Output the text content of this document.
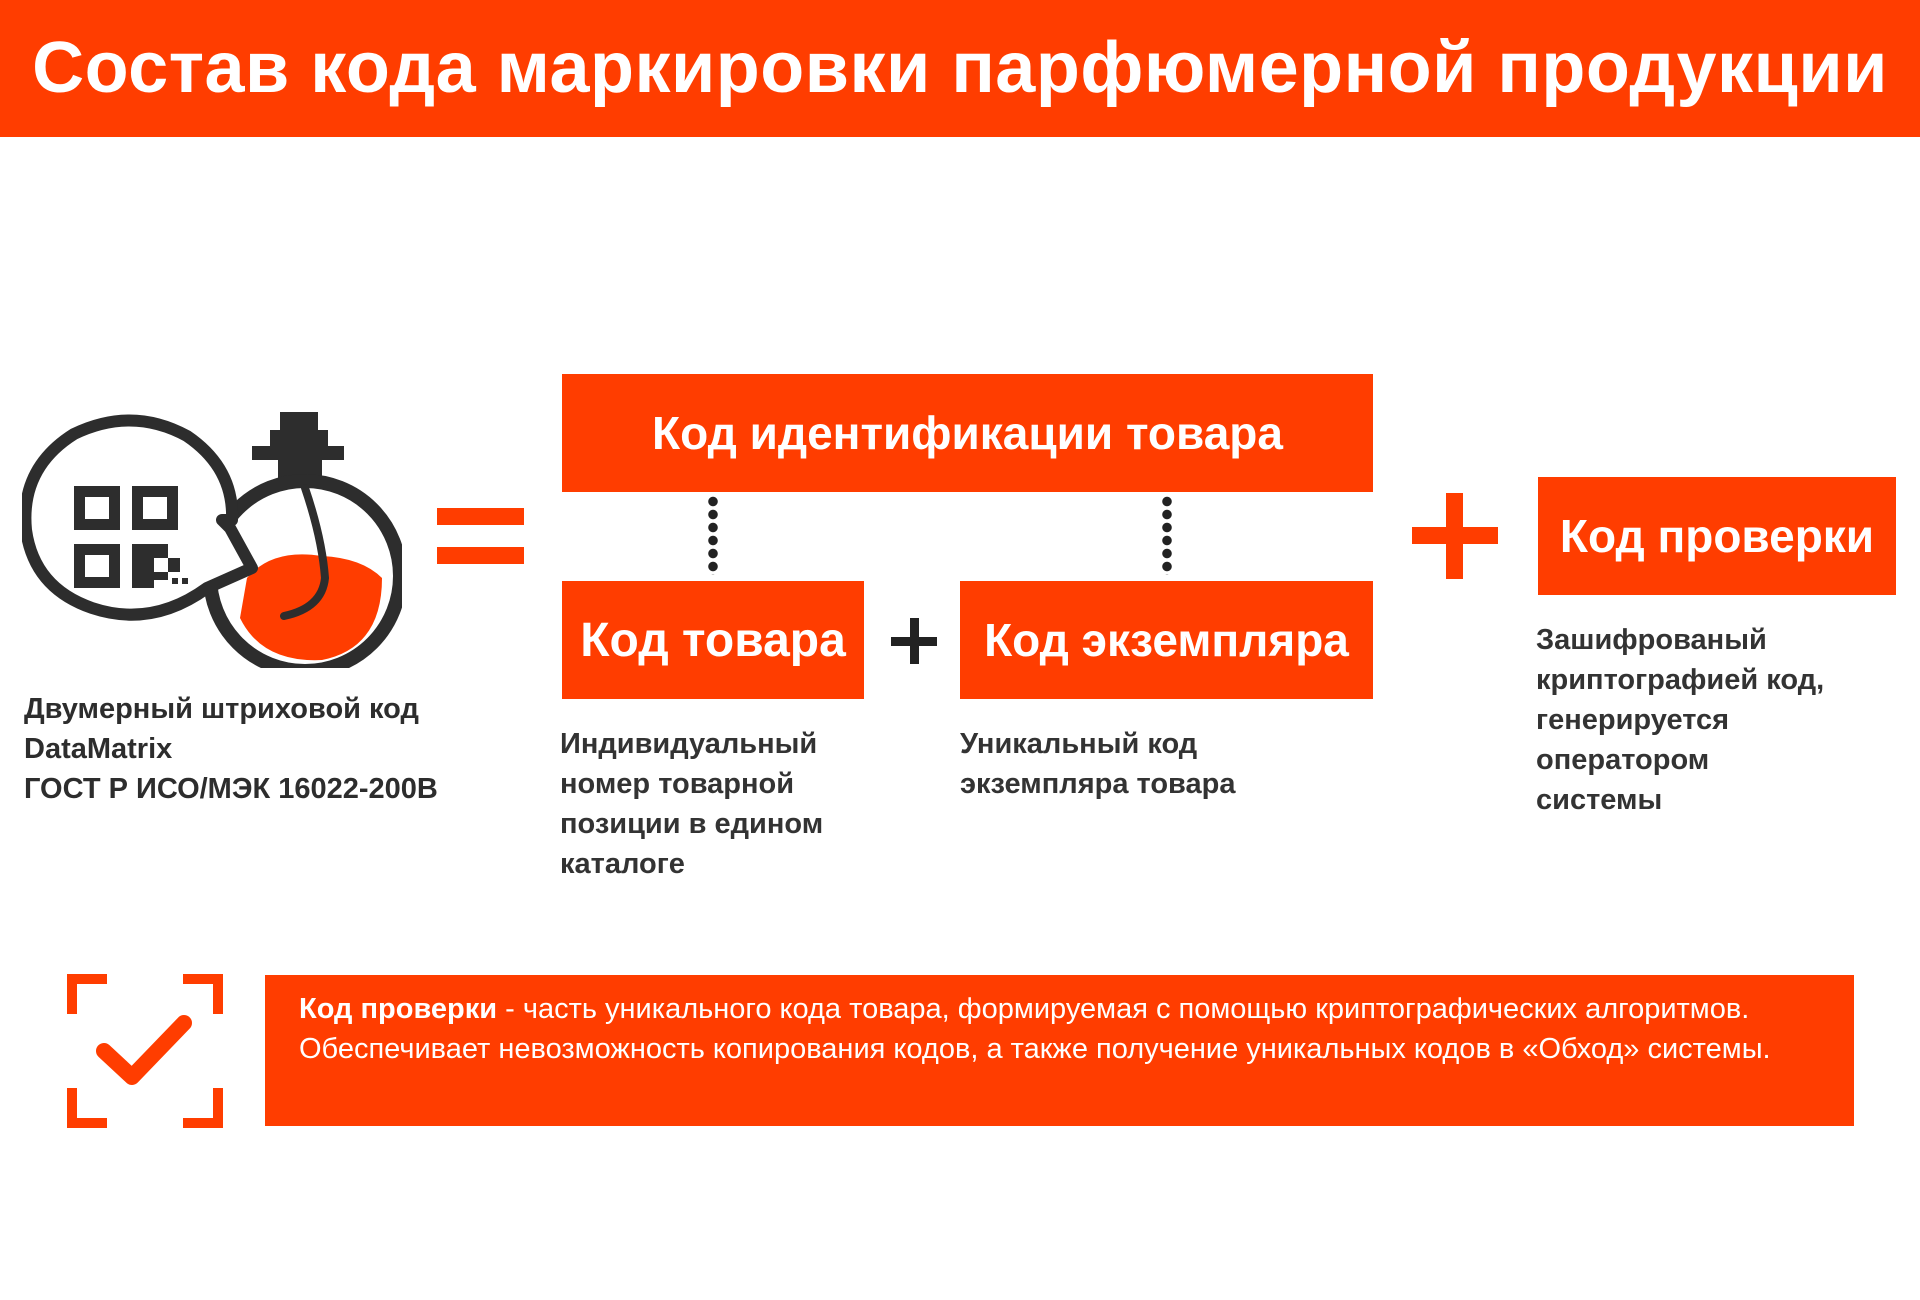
Состав кода маркировки парфюмерной продукции
Двумерный штриховой код
DataMatrix
ГОСТ Р ИСО/МЭК 16022-200В
Код идентификации товара
Код товара	Код экземпляра
Код проверки
Индивидуальный
номер товарной
позиции в едином
каталоге
Уникальный код
экземпляра товара
Зашифрованый
криптографией код,
генерируется
оператором
системы
Код проверки - часть уникального кода товара, формируемая с помощью криптографических алгоритмов. Обеспечивает невозможность копирования кодов, а также получение уникальных кодов в «Обход» системы.
